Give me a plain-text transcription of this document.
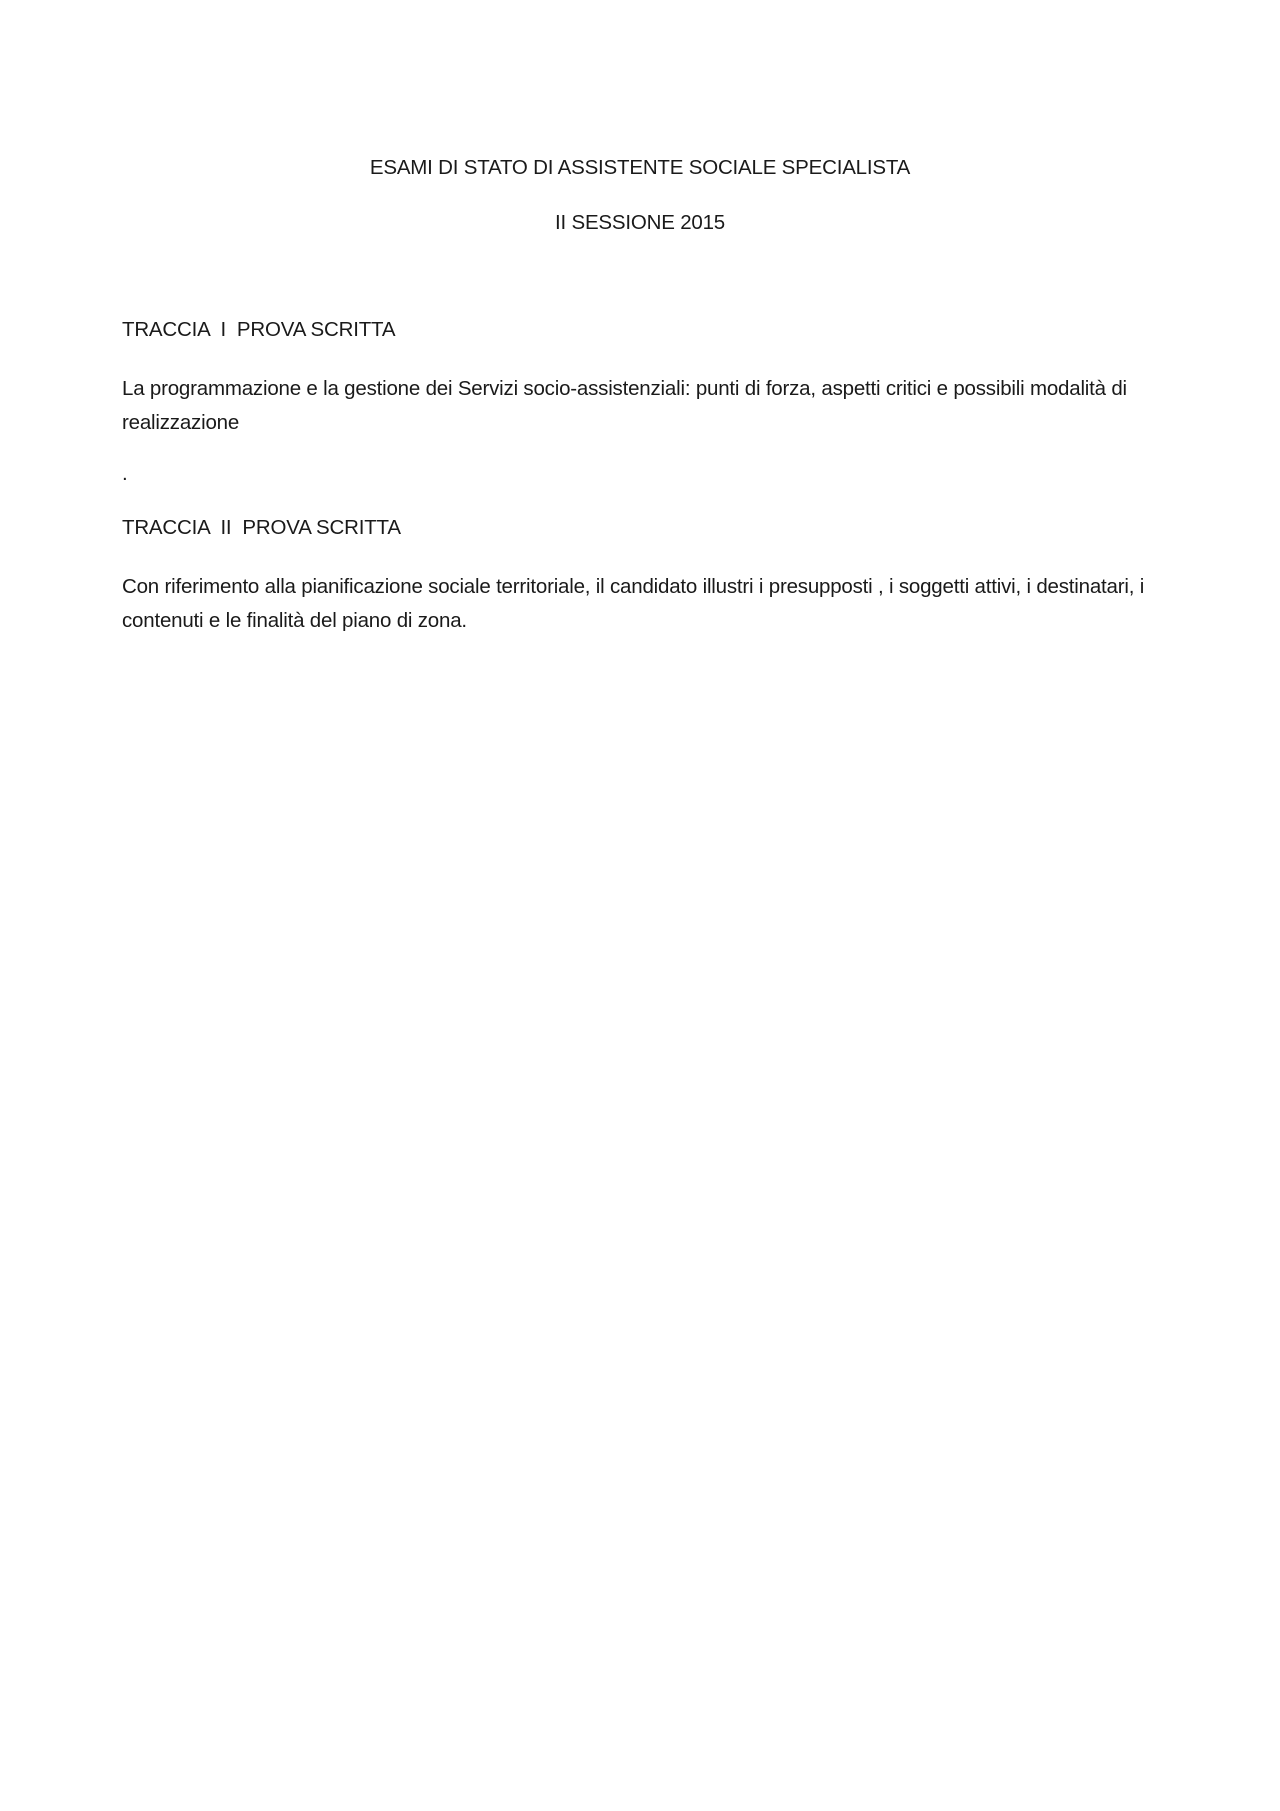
ESAMI DI STATO DI ASSISTENTE SOCIALE SPECIALISTA
II SESSIONE 2015
TRACCIA  I  PROVA SCRITTA
La programmazione e la gestione dei Servizi socio-assistenziali: punti di forza, aspetti critici e possibili modalità di realizzazione
.
TRACCIA  II  PROVA SCRITTA
Con riferimento alla pianificazione sociale territoriale, il candidato illustri i presupposti , i soggetti attivi, i destinatari, i contenuti e le finalità del piano di zona.
